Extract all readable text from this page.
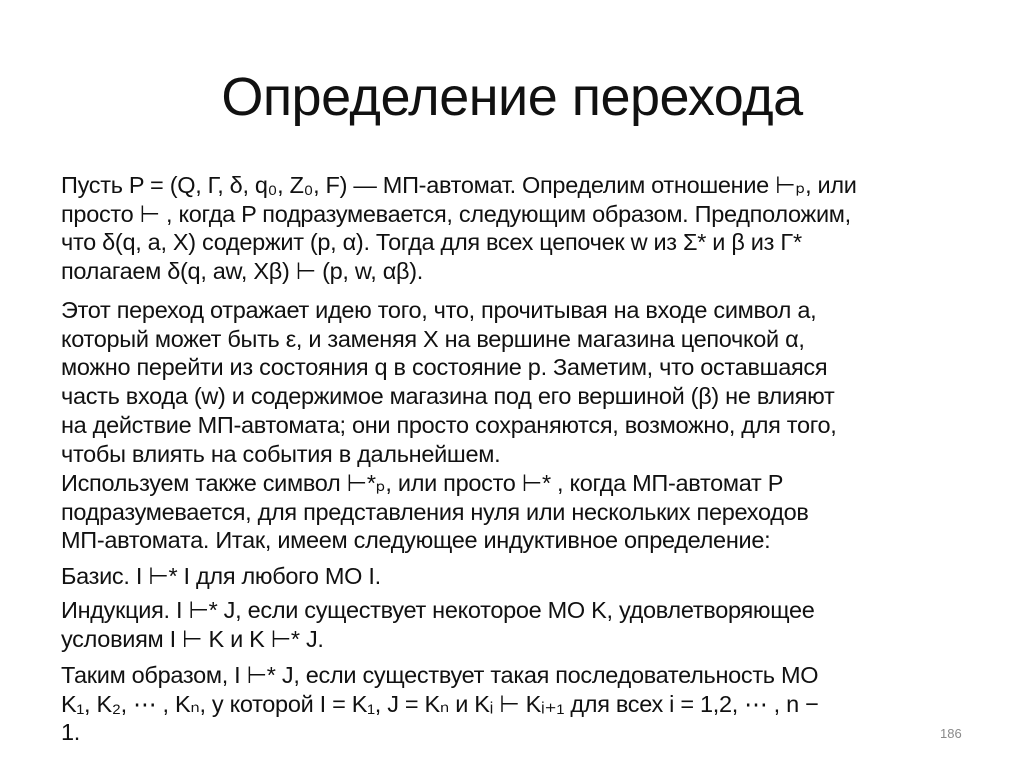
Определение перехода
Пусть P = (Q, Г, δ, q₀, Z₀, F) — МП-автомат. Определим отношение ⊢ₚ, или
просто ⊢ , когда P подразумевается, следующим образом. Предположим,
что δ(q, a, X) содержит (p, α). Тогда для всех цепочек w из Σ* и β из Γ*
полагаем δ(q, aw, Xβ) ⊢ (p, w, αβ).
Этот переход отражает идею того, что, прочитывая на входе символ a,
который может быть ε, и заменяя X на вершине магазина цепочкой α,
можно перейти из состояния q в состояние p. Заметим, что оставшаяся
часть входа (w) и содержимое магазина под его вершиной (β) не влияют
на действие МП-автомата; они просто сохраняются, возможно, для того,
чтобы влиять на события в дальнейшем.
Используем также символ ⊢*ₚ, или просто ⊢* , когда МП-автомат P
подразумевается, для представления нуля или нескольких переходов
МП-автомата. Итак, имеем следующее индуктивное определение:
Базис. I ⊢* I для любого МО I.
Индукция. I ⊢* J, если существует некоторое МО K, удовлетворяющее
условиям I ⊢ K и K ⊢* J.
Таким образом, I ⊢* J, если существует такая последовательность МО
K₁, K₂, ⋯ , Kₙ, у которой I = K₁, J = Kₙ и Kᵢ ⊢ Kᵢ₊₁ для всех i = 1,2, ⋯ , n −
1.	186
